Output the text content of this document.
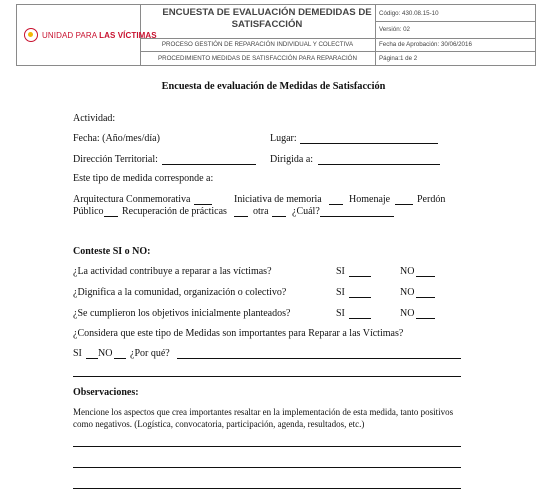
UNIDAD PARA LAS VÍCTIMAS
ENCUESTA DE EVALUACIÓN DEMEDIDAS DE
SATISFACCIÓN
PROCESO GESTIÓN DE REPARACIÓN INDIVIDUAL Y COLECTIVA
PROCEDIMIENTO MEDIDAS DE SATISFACCIÓN PARA REPARACIÓN
Código: 430.08.15-10
Versión: 02
Fecha de Aprobación: 30/06/2016
Página:1 de 2
Encuesta de evaluación de Medidas de Satisfacción
Actividad:
Fecha: (Año/mes/día)	Lugar:
Dirección Territorial:	Dirigida a:
Este tipo de medida corresponde a:
Arquitectura Conmemorativa	Iniciativa de memoria	Homenaje	Perdón
Público Recuperación de prácticas	otra ¿Cuál?
Conteste SI o NO:
¿La actividad contribuye a reparar a las víctimas?	SI	NO
¿Dignifica a la comunidad, organización o colectivo?	SI	NO
¿Se cumplieron los objetivos inicialmente planteados?	SI	NO
¿Considera que este tipo de Medidas son importantes para Reparar a las Víctimas?
SI NO ¿Por qué?
Observaciones:
Mencione los aspectos que crea importantes resaltar en la implementación de esta medida, tanto positivos
como negativos. (Logística, convocatoria, participación, agenda, resultados, etc.)
